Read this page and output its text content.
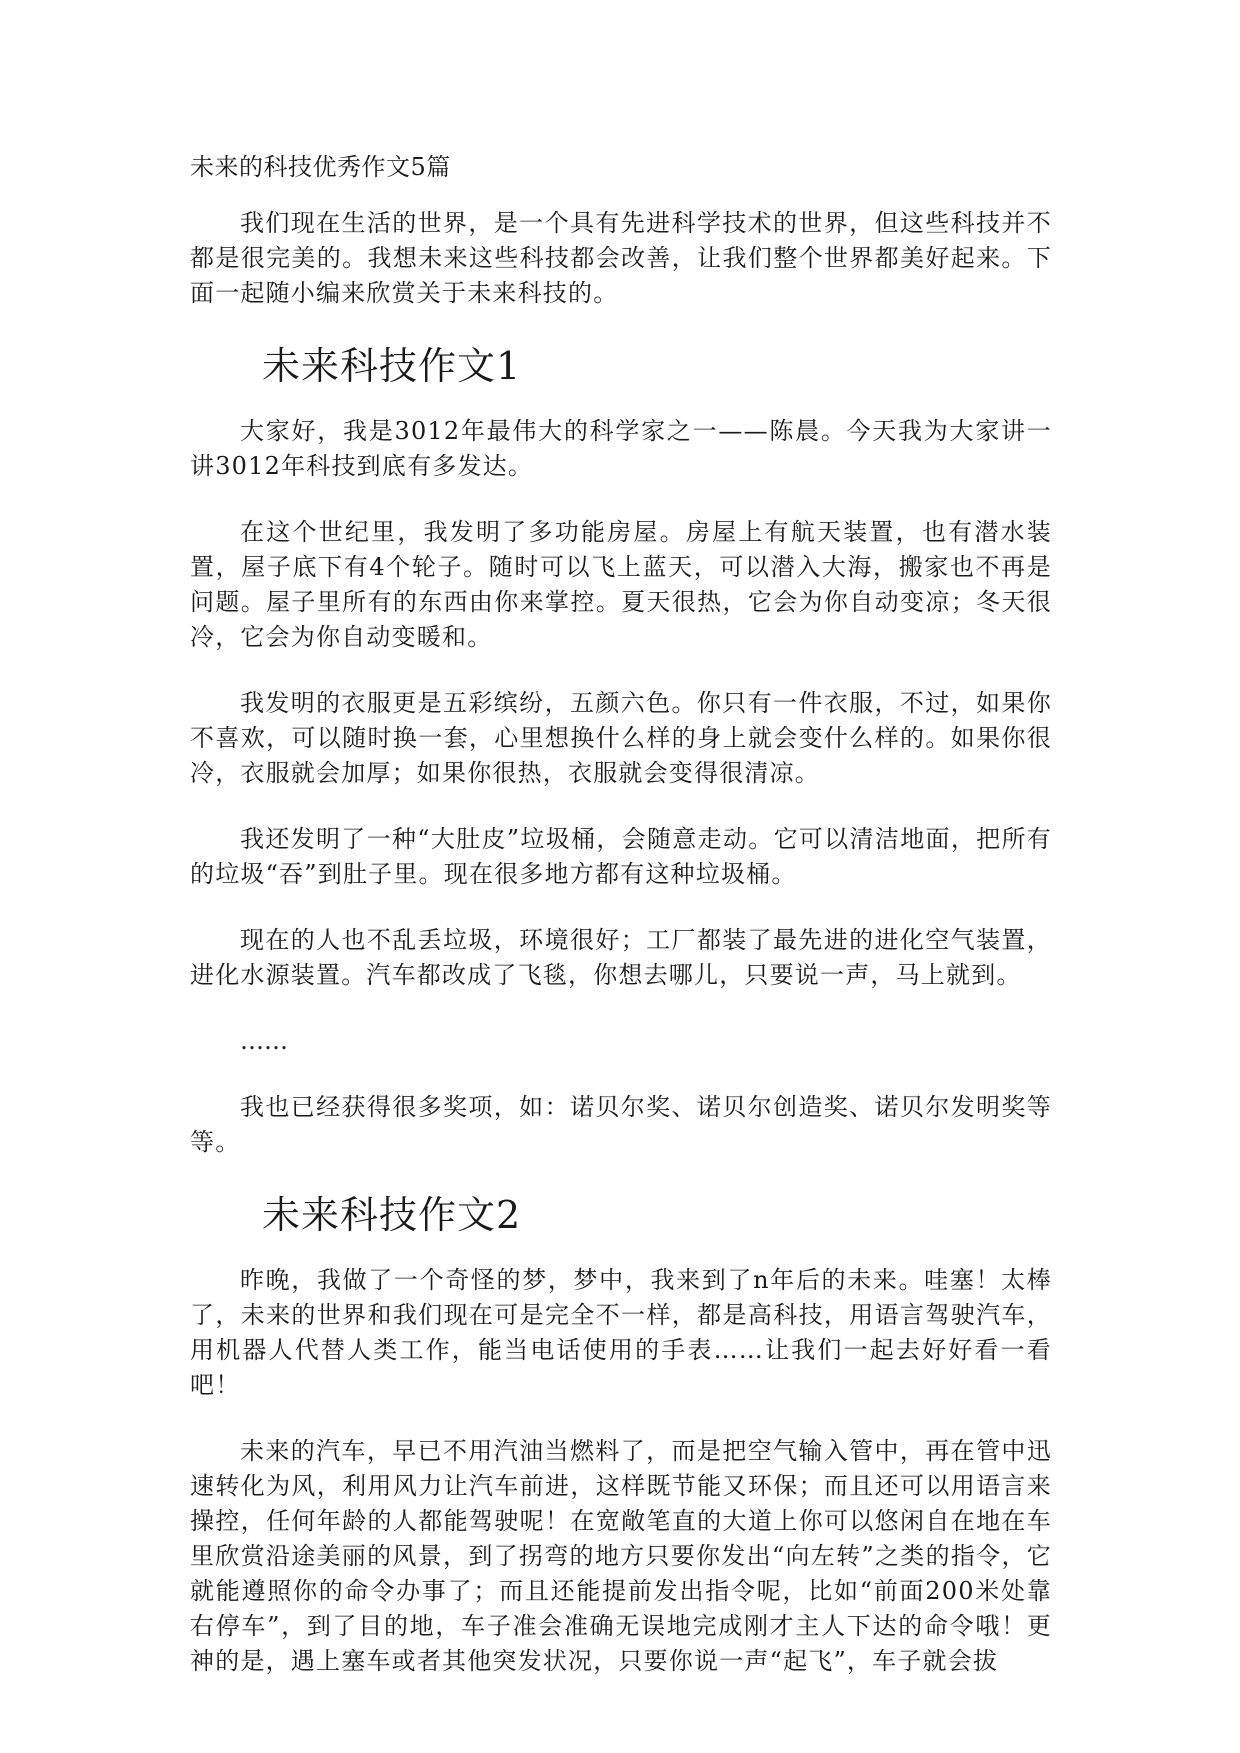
未来的科技优秀作文5篇

我们现在生活的世界，是一个具有先进科学技术的世界，但这些科技并不都是很完美的。我想未来这些科技都会改善，让我们整个世界都美好起来。下面一起随小编来欣赏关于未来科技的。

未来科技作文1

大家好，我是3012年最伟大的科学家之一——陈晨。今天我为大家讲一讲3012年科技到底有多发达。

在这个世纪里，我发明了多功能房屋。房屋上有航天装置，也有潜水装置，屋子底下有4个轮子。随时可以飞上蓝天，可以潜入大海，搬家也不再是问题。屋子里所有的东西由你来掌控。夏天很热，它会为你自动变凉；冬天很冷，它会为你自动变暖和。

我发明的衣服更是五彩缤纷，五颜六色。你只有一件衣服，不过，如果你不喜欢，可以随时换一套，心里想换什么样的身上就会变什么样的。如果你很冷，衣服就会加厚；如果你很热，衣服就会变得很清凉。

我还发明了一种“大肚皮”垃圾桶，会随意走动。它可以清洁地面，把所有的垃圾“吞”到肚子里。现在很多地方都有这种垃圾桶。

现在的人也不乱丢垃圾，环境很好；工厂都装了最先进的进化空气装置，进化水源装置。汽车都改成了飞毯，你想去哪儿，只要说一声，马上就到。

……

我也已经获得很多奖项，如：诺贝尔奖、诺贝尔创造奖、诺贝尔发明奖等等。

未来科技作文2

昨晚，我做了一个奇怪的梦，梦中，我来到了n年后的未来。哇塞！太棒了，未来的世界和我们现在可是完全不一样，都是高科技，用语言驾驶汽车，用机器人代替人类工作，能当电话使用的手表……让我们一起去好好看一看吧！

未来的汽车，早已不用汽油当燃料了，而是把空气输入管中，再在管中迅速转化为风，利用风力让汽车前进，这样既节能又环保；而且还可以用语言来操控，任何年龄的人都能驾驶呢！在宽敞笔直的大道上你可以悠闲自在地在车里欣赏沿途美丽的风景，到了拐弯的地方只要你发出“向左转”之类的指令，它就能遵照你的命令办事了；而且还能提前发出指令呢，比如“前面200米处靠右停车”，到了目的地，车子准会准确无误地完成刚才主人下达的命令哦！更神的是，遇上塞车或者其他突发状况，只要你说一声“起飞”，车子就会拔
